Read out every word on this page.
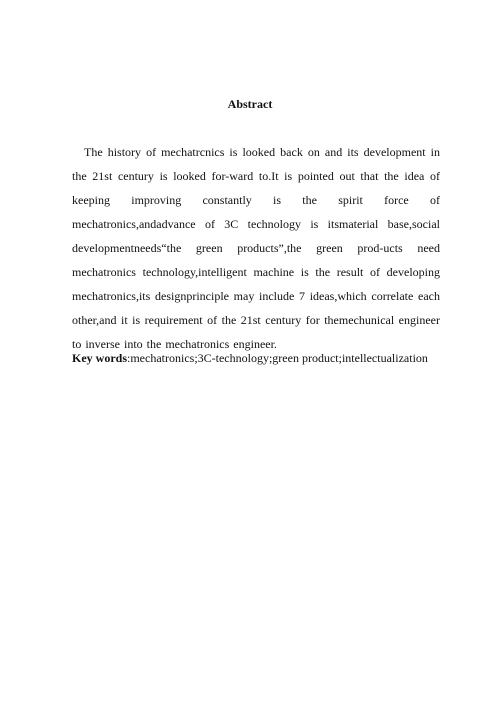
Abstract

The history of mechatrcnics is looked back on and its development in the 21st century is looked for-ward to.It is pointed out that the idea of keeping improving constantly is the spirit force of mechatronics,andadvance of 3C technology is itsmaterial base,social developmentneeds“the green products”,the green prod-ucts need mechatronics technology,intelligent machine is the result of developing mechatronics,its designprinciple may include 7 ideas,which correlate each other,and it is requirement of the 21st century for themechunical engineer to inverse into the mechatronics engineer.

Key words:mechatronics;3C-technology;green product;intellectualization
